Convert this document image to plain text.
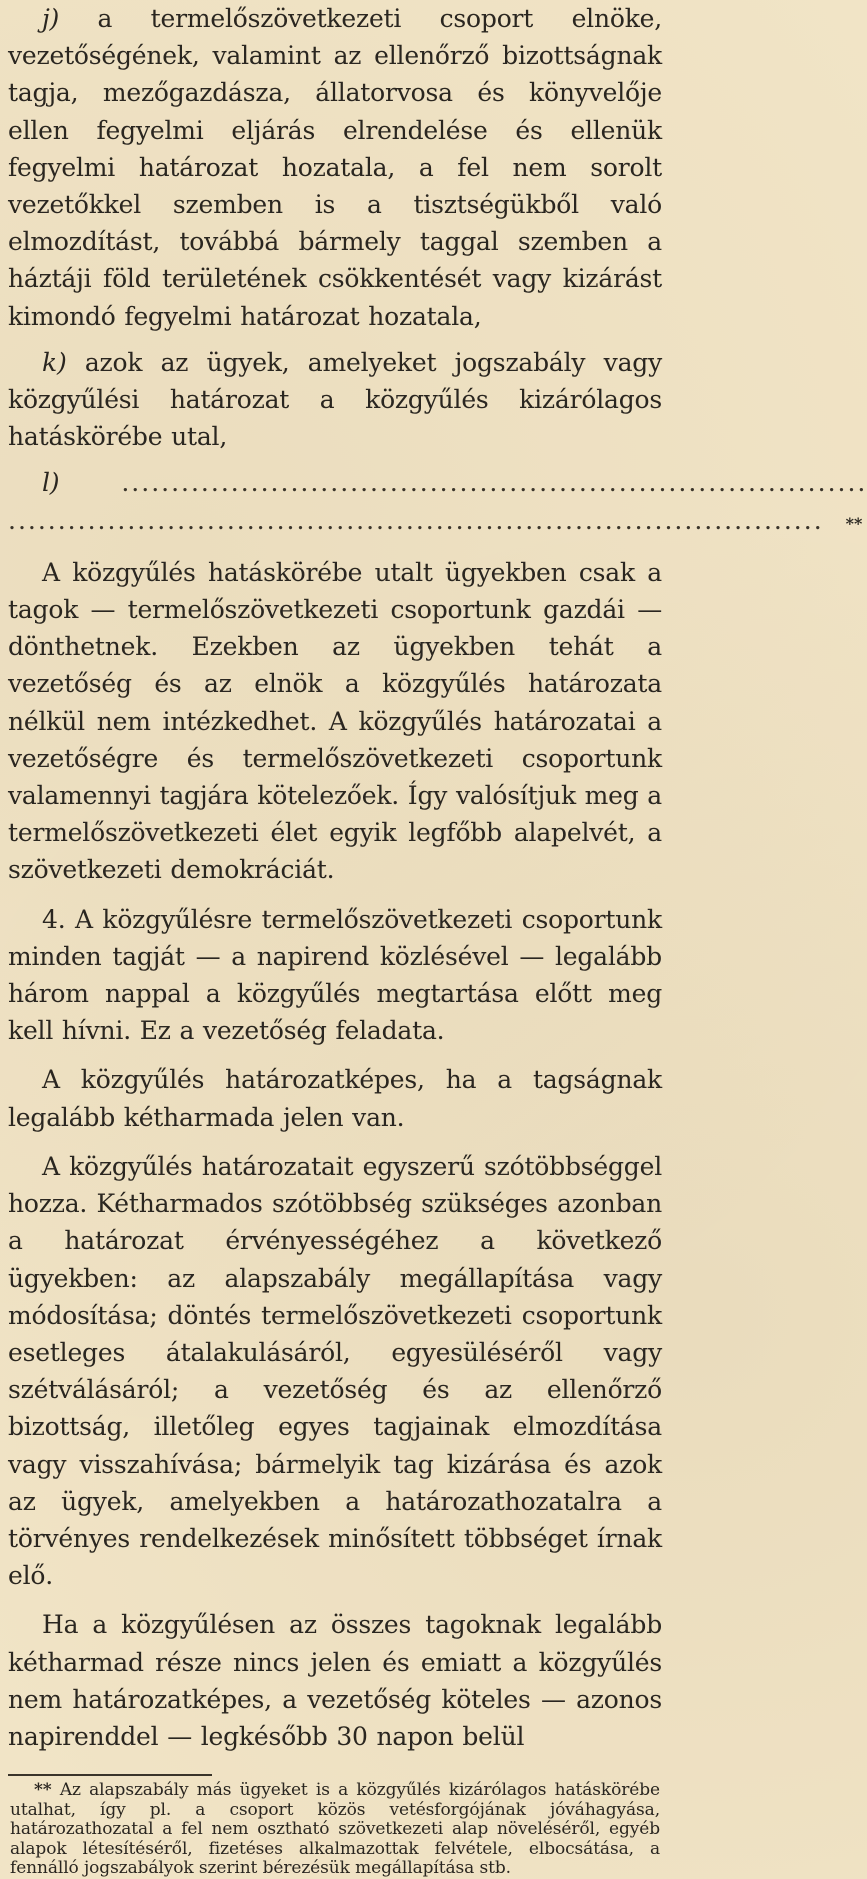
j) a termelőszövetkezeti csoport elnöke, vezetőségének, valamint az ellenőrző bizottságnak tagja, mezőgazdásza, állatorvosa és könyvelője ellen fegyelmi eljárás elrendelése és ellenük fegyelmi határozat hozatala, a fel nem sorolt vezetőkkel szemben is a tisztségükből való elmozdítást, továbbá bármely taggal szemben a háztáji föld területének csökkentését vagy kizárást kimondó fegyelmi határozat hozatala,

k) azok az ügyek, amelyeket jogszabály vagy közgyűlési határozat a közgyűlés kizárólagos hatáskörébe utal,

l)	...........................................................................

.................................................................................. **

A közgyűlés hatáskörébe utalt ügyekben csak a tagok — termelőszövetkezeti csoportunk gazdái — dönthetnek. Ezekben az ügyekben tehát a vezetőség és az elnök a közgyűlés határozata nélkül nem intézkedhet. A közgyűlés határozatai a vezetőségre és termelőszövetkezeti csoportunk valamennyi tagjára kötelezőek. Így valósítjuk meg a termelőszövetkezeti élet egyik legfőbb alapelvét, a szövetkezeti demokráciát.

4. A közgyűlésre termelőszövetkezeti csoportunk minden tagját — a napirend közlésével — legalább három nappal a közgyűlés megtartása előtt meg kell hívni. Ez a vezetőség feladata.

A közgyűlés határozatképes, ha a tagságnak legalább kétharmada jelen van.

A közgyűlés határozatait egyszerű szótöbbséggel hozza. Kétharmados szótöbbség szükséges azonban a határozat érvényességéhez a következő ügyekben: az alapszabály megállapítása vagy módosítása; döntés termelőszövetkezeti csoportunk esetleges átalakulásáról, egyesüléséről vagy szétválásáról; a vezetőség és az ellenőrző bizottság, illetőleg egyes tagjainak elmozdítása vagy visszahívása; bármelyik tag kizárása és azok az ügyek, amelyekben a határozathozatalra a törvényes rendelkezések minősített többséget írnak elő.

Ha a közgyűlésen az összes tagoknak legalább kétharmad része nincs jelen és emiatt a közgyűlés nem határozatképes, a vezetőség köteles — azonos napirenddel — legkésőbb 30 napon belül

** Az alapszabály más ügyeket is a közgyűlés kizárólagos hatáskörébe utalhat, így pl. a csoport közös vetésforgójának jóváhagyása, határozathozatal a fel nem osztható szövetkezeti alap növeléséről, egyéb alapok létesítéséről, fizetéses alkalmazottak felvétele, elbocsátása, a fennálló jogszabályok szerint bérezésük megállapítása stb.
